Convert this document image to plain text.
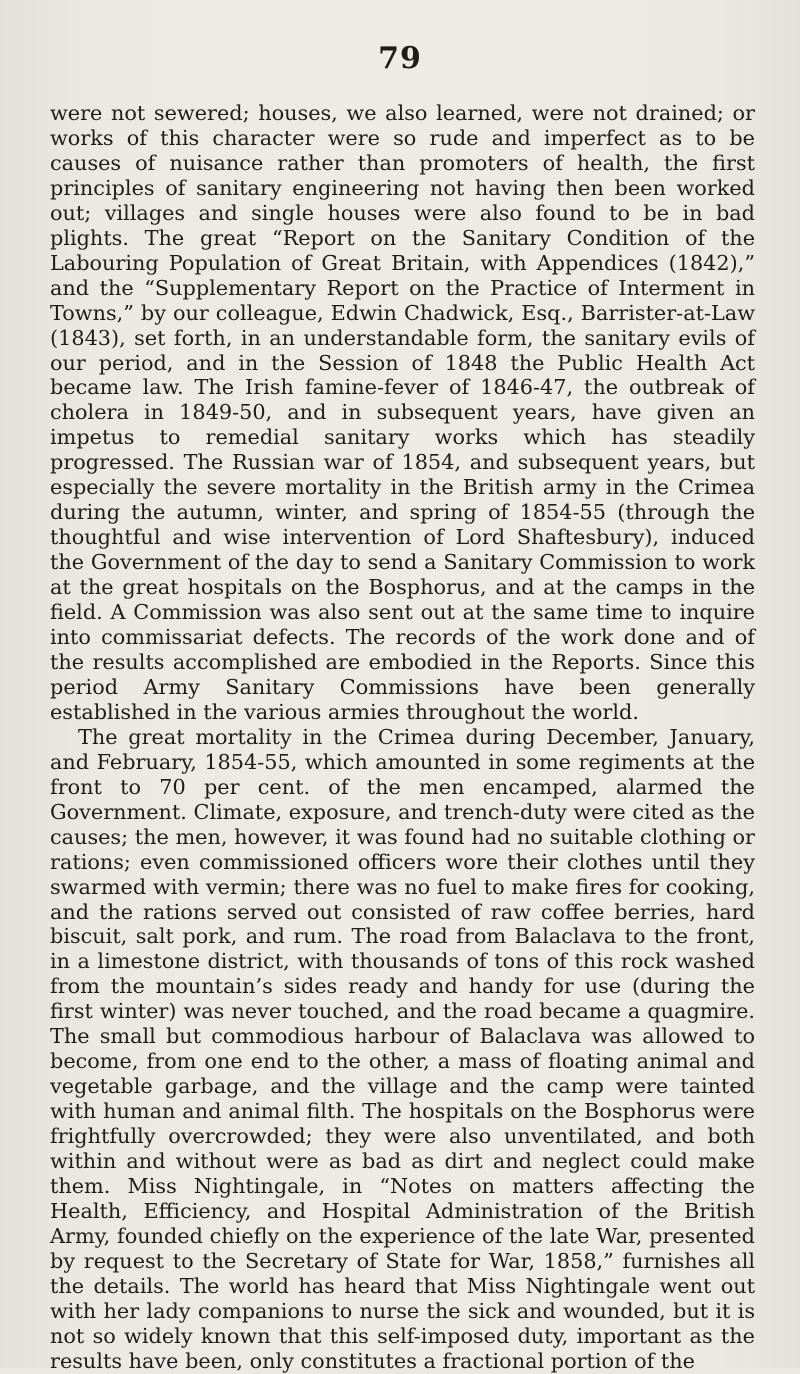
79

were not sewered; houses, we also learned, were not drained; or works of this character were so rude and imperfect as to be causes of nuisance rather than promoters of health, the first principles of sanitary engineering not having then been worked out; villages and single houses were also found to be in bad plights. The great “Report on the Sanitary Condition of the Labouring Population of Great Britain, with Appendices (1842),” and the “Supplementary Report on the Practice of Interment in Towns,” by our colleague, Edwin Chadwick, Esq., Barrister-at-Law (1843), set forth, in an understandable form, the sanitary evils of our period, and in the Session of 1848 the Public Health Act became law. The Irish famine-fever of 1846-47, the outbreak of cholera in 1849-50, and in subsequent years, have given an impetus to remedial sanitary works which has steadily progressed. The Russian war of 1854, and subsequent years, but especially the severe mortality in the British army in the Crimea during the autumn, winter, and spring of 1854-55 (through the thoughtful and wise intervention of Lord Shaftesbury), induced the Government of the day to send a Sanitary Commission to work at the great hospitals on the Bosphorus, and at the camps in the field. A Commission was also sent out at the same time to inquire into commissariat defects. The records of the work done and of the results accomplished are embodied in the Reports. Since this period Army Sanitary Commissions have been generally established in the various armies throughout the world.

The great mortality in the Crimea during December, January, and February, 1854-55, which amounted in some regiments at the front to 70 per cent. of the men encamped, alarmed the Government. Climate, exposure, and trench-duty were cited as the causes; the men, however, it was found had no suitable clothing or rations; even commissioned officers wore their clothes until they swarmed with vermin; there was no fuel to make fires for cooking, and the rations served out consisted of raw coffee berries, hard biscuit, salt pork, and rum. The road from Balaclava to the front, in a limestone district, with thousands of tons of this rock washed from the mountain’s sides ready and handy for use (during the first winter) was never touched, and the road became a quagmire. The small but commodious harbour of Balaclava was allowed to become, from one end to the other, a mass of floating animal and vegetable garbage, and the village and the camp were tainted with human and animal filth. The hospitals on the Bosphorus were frightfully overcrowded; they were also unventilated, and both within and without were as bad as dirt and neglect could make them. Miss Nightingale, in “Notes on matters affecting the Health, Efficiency, and Hospital Administration of the British Army, founded chiefly on the experience of the late War, presented by request to the Secretary of State for War, 1858,” furnishes all the details. The world has heard that Miss Nightingale went out with her lady companions to nurse the sick and wounded, but it is not so widely known that this self-imposed duty, important as the results have been, only constitutes a fractional portion of the
